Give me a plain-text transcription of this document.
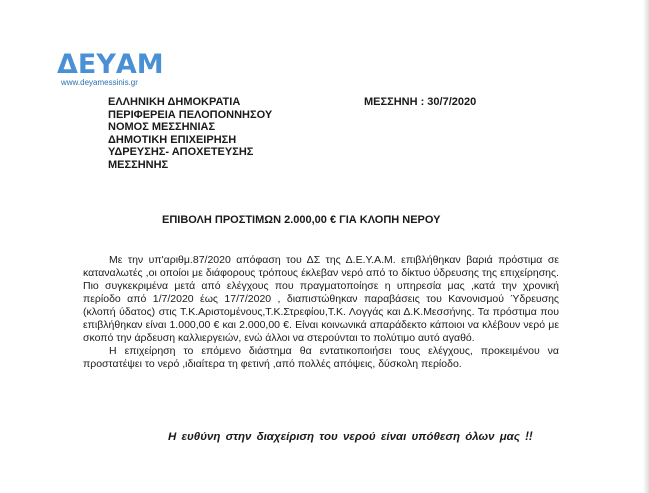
ΔΕΥΑΜ
www.deyamessinis.gr
ΕΛΛΗΝΙΚΗ ΔΗΜΟΚΡΑΤΙΑ
ΠΕΡΙΦΕΡΕΙΑ ΠΕΛΟΠΟΝΝΗΣΟΥ
ΝΟΜΟΣ ΜΕΣΣΗΝΙΑΣ
ΔΗΜΟΤΙΚΗ ΕΠΙΧΕΙΡΗΣΗ
ΥΔΡΕΥΣΗΣ- ΑΠΟΧΕΤΕΥΣΗΣ
ΜΕΣΣΗΝΗΣ
ΜΕΣΣΗΝΗ : 30/7/2020
ΕΠΙΒΟΛΗ ΠΡΟΣΤΙΜΩΝ 2.000,00 € ΓΙΑ ΚΛΟΠΗ ΝΕΡΟΥ

Με την υπ'αριθμ.87/2020 απόφαση του ΔΣ της Δ.Ε.Υ.Α.Μ. επιβλήθηκαν βαριά πρόστιμα σε καταναλωτές ,οι οποίοι με διάφορους τρόπους έκλεβαν νερό από το δίκτυο ύδρευσης της επιχείρησης. Πιο συγκεκριμένα μετά από ελέγχους που πραγματοποίησε η υπηρεσία μας ,κατά την χρονική περίοδο από 1/7/2020 έως 17/7/2020 , διαπιστώθηκαν παραβάσεις του Κανονισμού Ύδρευσης (κλοπή ύδατος) στις Τ.Κ.Αριστομένους,Τ.Κ.Στρεφίου,Τ.Κ. Λογγάς και Δ.Κ.Μεσσήνης. Τα πρόστιμα που επιβλήθηκαν είναι 1.000,00 € και 2.000,00 €. Είναι κοινωνικά απαράδεκτο κάποιοι να κλέβουν νερό με σκοπό την άρδευση καλλιεργειών, ενώ άλλοι να στερούνται το πολύτιμο αυτό αγαθό.

Η επιχείρηση το επόμενο διάστημα θα εντατικοποιήσει τους ελέγχους, προκειμένου να προστατέψει το νερό ,ιδιαίτερα τη φετινή ,από πολλές απόψεις, δύσκολη περίοδο.

Η ευθύνη στην διαχείριση του νερού είναι υπόθεση όλων μας !!
